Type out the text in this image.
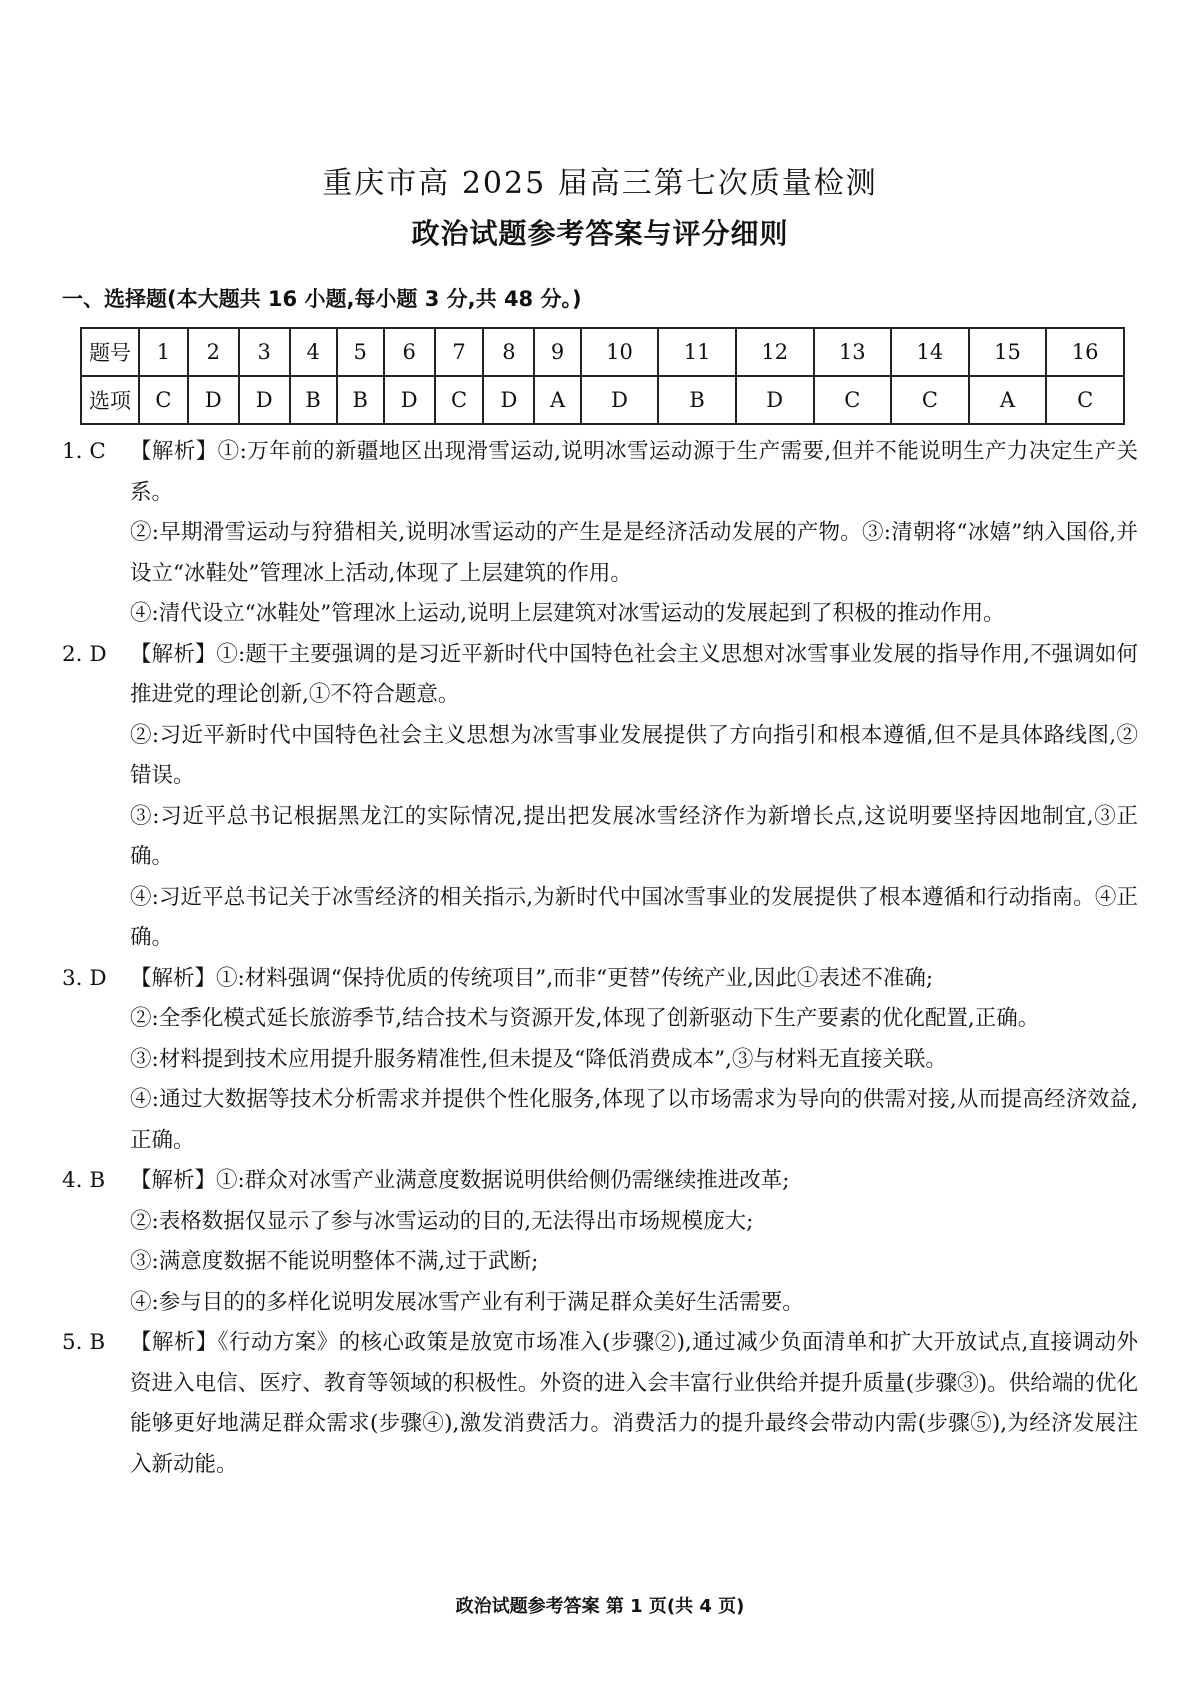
重庆市高 2025 届高三第七次质量检测
政治试题参考答案与评分细则
一、选择题(本大题共 16 小题,每小题 3 分,共 48 分。)
题号	1	2	3	4	5	6	7	8	9	10	11	12	13	14	15	16
选项	C	D	D	B	B	D	C	D	A	D	B	D	C	C	A	C
1. C	【解析】①:万年前的新疆地区出现滑雪运动,说明冰雪运动源于生产需要,但并不能说明生产力决定生产关系。

②:早期滑雪运动与狩猎相关,说明冰雪运动的产生是是经济活动发展的产物。③:清朝将“冰嬉”纳入国俗,并设立“冰鞋处”管理冰上活动,体现了上层建筑的作用。

④:清代设立“冰鞋处”管理冰上运动,说明上层建筑对冰雪运动的发展起到了积极的推动作用。

2. D	【解析】①:题干主要强调的是习近平新时代中国特色社会主义思想对冰雪事业发展的指导作用,不强调如何推进党的理论创新,①不符合题意。

②:习近平新时代中国特色社会主义思想为冰雪事业发展提供了方向指引和根本遵循,但不是具体路线图,②错误。

③:习近平总书记根据黑龙江的实际情况,提出把发展冰雪经济作为新增长点,这说明要坚持因地制宜,③正确。

④:习近平总书记关于冰雪经济的相关指示,为新时代中国冰雪事业的发展提供了根本遵循和行动指南。④正确。

3. D	【解析】①:材料强调“保持优质的传统项目”,而非“更替”传统产业,因此①表述不准确;

②:全季化模式延长旅游季节,结合技术与资源开发,体现了创新驱动下生产要素的优化配置,正确。

③:材料提到技术应用提升服务精准性,但未提及“降低消费成本”,③与材料无直接关联。

④:通过大数据等技术分析需求并提供个性化服务,体现了以市场需求为导向的供需对接,从而提高经济效益,正确。

4. B	【解析】①:群众对冰雪产业满意度数据说明供给侧仍需继续推进改革;

②:表格数据仅显示了参与冰雪运动的目的,无法得出市场规模庞大;

③:满意度数据不能说明整体不满,过于武断;

④:参与目的的多样化说明发展冰雪产业有利于满足群众美好生活需要。

5. B	【解析】《行动方案》的核心政策是放宽市场准入(步骤②),通过减少负面清单和扩大开放试点,直接调动外资进入电信、医疗、教育等领域的积极性。外资的进入会丰富行业供给并提升质量(步骤③)。供给端的优化能够更好地满足群众需求(步骤④),激发消费活力。消费活力的提升最终会带动内需(步骤⑤),为经济发展注入新动能。

政治试题参考答案 第 1 页(共 4 页)
